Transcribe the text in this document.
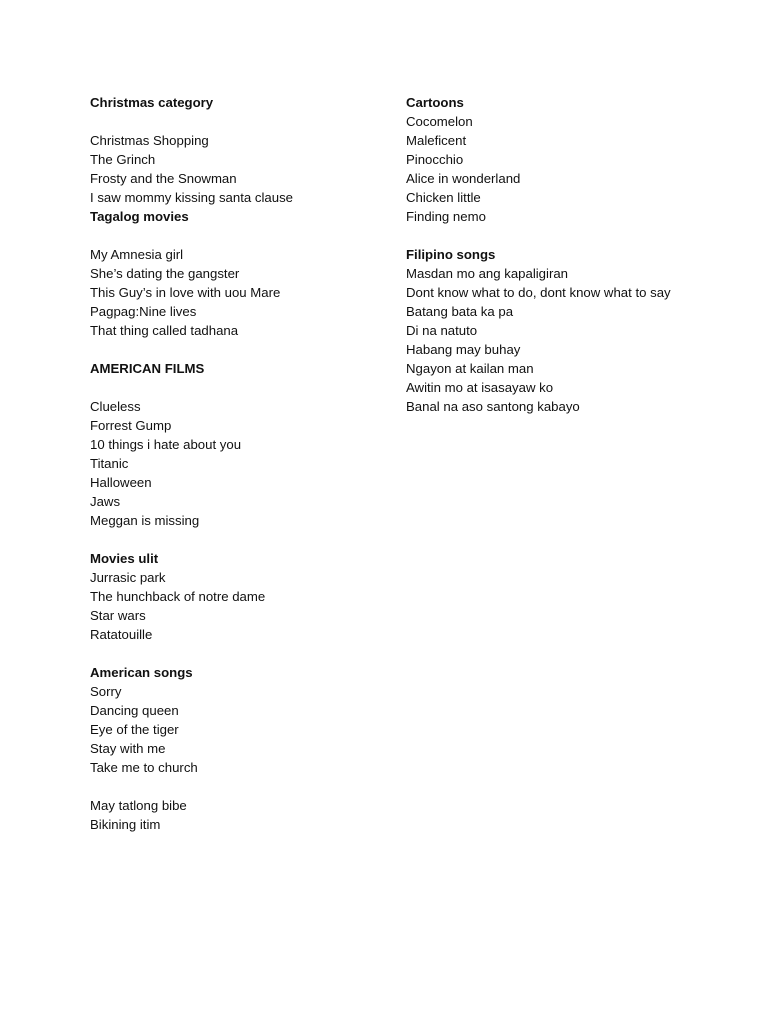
Christmas category
Christmas Shopping
The Grinch
Frosty and the Snowman
I saw mommy kissing santa clause
Tagalog movies
My Amnesia girl
She’s dating the gangster
This Guy’s in love with uou Mare
Pagpag:Nine lives
That thing called tadhana
AMERICAN FILMS
Clueless
Forrest Gump
10 things i hate about you
Titanic
Halloween
Jaws
Meggan is missing
Movies ulit
Jurrasic park
The hunchback of notre dame
Star wars
Ratatouille
American songs
Sorry
Dancing queen
Eye of the tiger
Stay with me
Take me to church
May tatlong bibe
Bikining itim
Cartoons
Cocomelon
Maleficent
Pinocchio
Alice in wonderland
Chicken little
Finding nemo
Filipino songs
Masdan mo ang kapaligiran
Dont know what to do, dont know what to say
Batang bata ka pa
Di na natuto
Habang may buhay
Ngayon at kailan man
Awitin mo at isasayaw ko
Banal na aso santong kabayo
